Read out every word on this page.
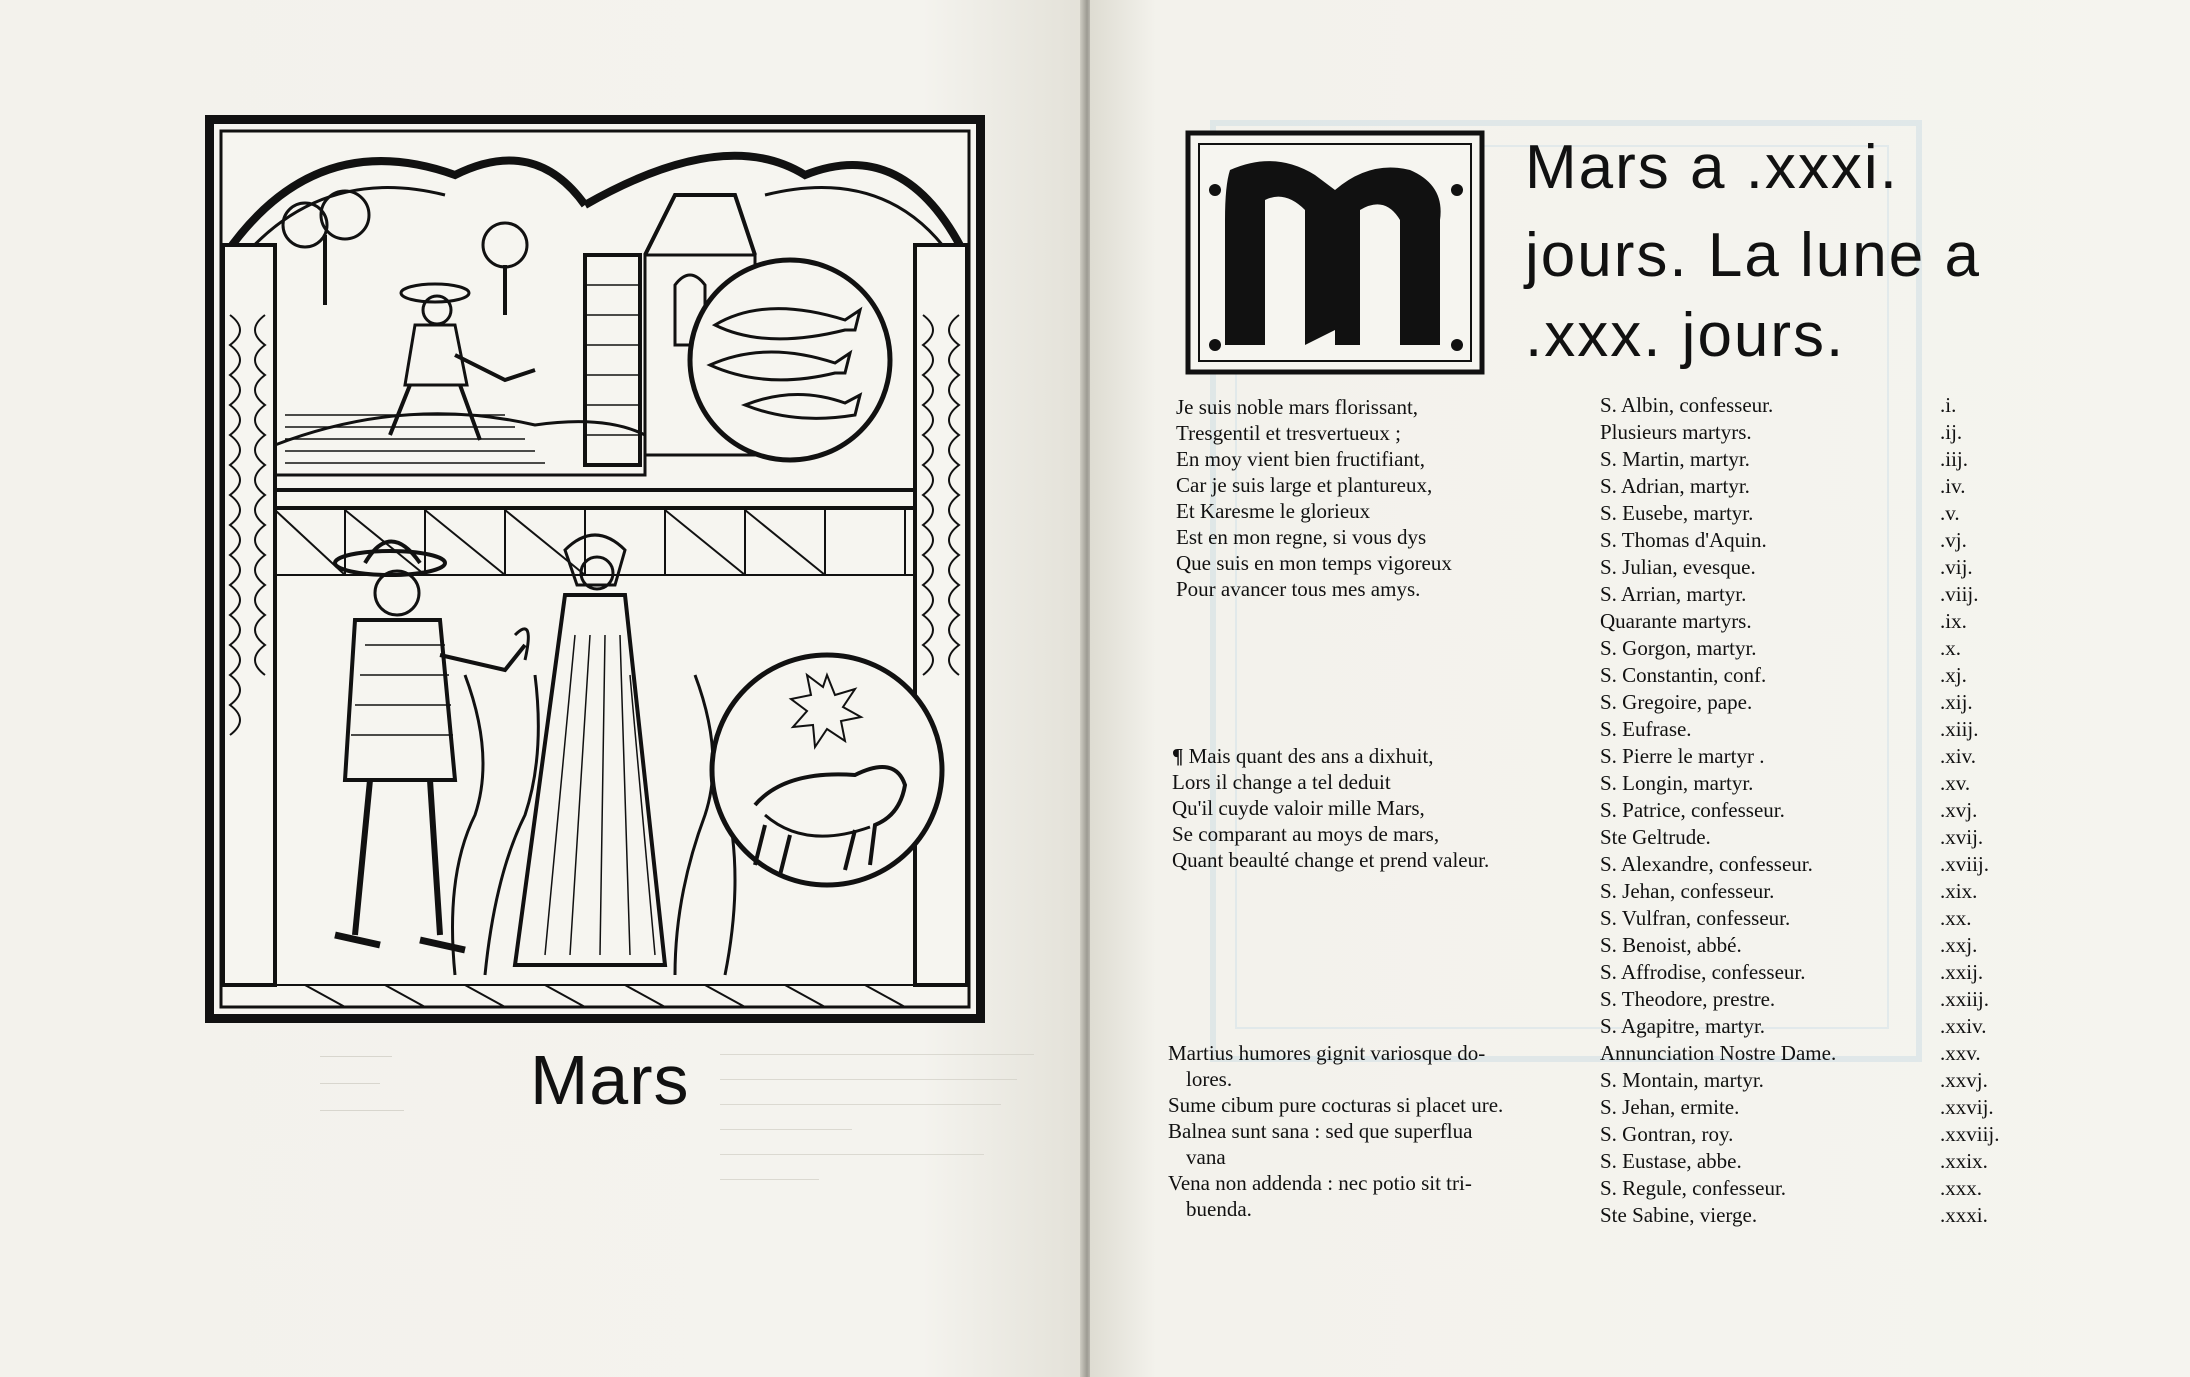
Mars
Mars a .xxxi.
jours. La lune a
.xxx. jours.
Je suis noble mars florissant,
Tresgentil et tresvertueux ;
En moy vient bien fructifiant,
Car je suis large et plantureux,
Et Karesme le glorieux
Est en mon regne, si vous dys
Que suis en mon temps vigoreux
Pour avancer tous mes amys.
¶ Mais quant des ans a dixhuit,
Lors il change a tel deduit
Qu'il cuyde valoir mille Mars,
Se comparant au moys de mars,
Quant beaulté change et prend valeur.
Martius humores gignit variosque do-
lores.
Sume cibum pure cocturas si placet ure.
Balnea sunt sana : sed que superflua
vana
Vena non addenda : nec potio sit tri-
buenda.
S. Albin, confesseur.	.i.
Plusieurs martyrs.	.ij.
S. Martin, martyr.	.iij.
S. Adrian, martyr.	.iv.
S. Eusebe, martyr.	.v.
S. Thomas d'Aquin.	.vj.
S. Julian, evesque.	.vij.
S. Arrian, martyr.	.viij.
Quarante martyrs.	.ix.
S. Gorgon, martyr.	.x.
S. Constantin, conf.	.xj.
S. Gregoire, pape.	.xij.
S. Eufrase.	.xiij.
S. Pierre le martyr .	.xiv.
S. Longin, martyr.	.xv.
S. Patrice, confesseur.	.xvj.
Ste Geltrude.	.xvij.
S. Alexandre, confesseur.	.xviij.
S. Jehan, confesseur.	.xix.
S. Vulfran, confesseur.	.xx.
S. Benoist, abbé.	.xxj.
S. Affrodise, confesseur.	.xxij.
S. Theodore, prestre.	.xxiij.
S. Agapitre, martyr.	.xxiv.
Annunciation Nostre Dame.	.xxv.
S. Montain, martyr.	.xxvj.
S. Jehan, ermite.	.xxvij.
S. Gontran, roy.	.xxviij.
S. Eustase, abbe.	.xxix.
S. Regule, confesseur.	.xxx.
Ste Sabine, vierge.	.xxxi.
